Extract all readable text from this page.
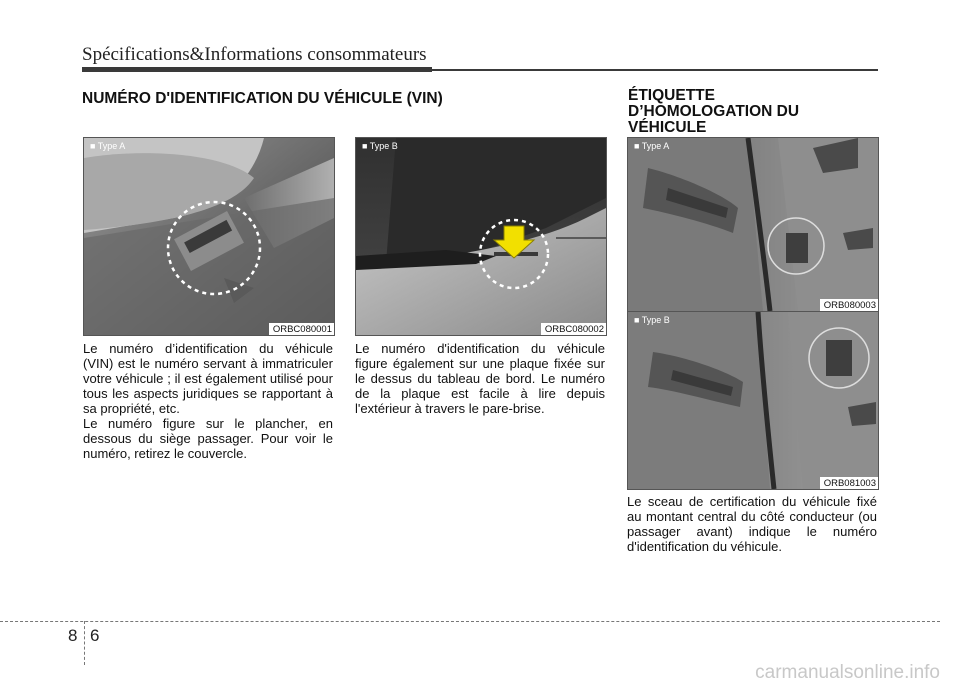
Spécifications&Informations consommateurs
NUMÉRO D'IDENTIFICATION DU VÉHICULE (VIN)
■ Type A
ORBC080001
■ Type B
ORBC080002
Le numéro d’identification du véhicule (VIN) est le numéro servant à immatriculer votre véhicule ; il est également utilisé pour tous les aspects juridiques se rapportant à sa propriété, etc.
Le numéro figure sur le plancher, en dessous du siège passager. Pour voir le numéro, retirez le couvercle.
Le numéro d'identification du véhicule figure également sur une plaque fixée sur le dessus du tableau de bord. Le numéro de la plaque est facile à lire depuis l'extérieur à travers le pare-brise.
ÉTIQUETTE
D’HOMOLOGATION DU
VÉHICULE
■ Type A
ORB080003
■ Type B
ORB081003
Le sceau de certification du véhicule fixé au montant central du côté conducteur (ou passager avant) indique le numéro d'identification du véhicule.
8 6
carmanualsonline.info
